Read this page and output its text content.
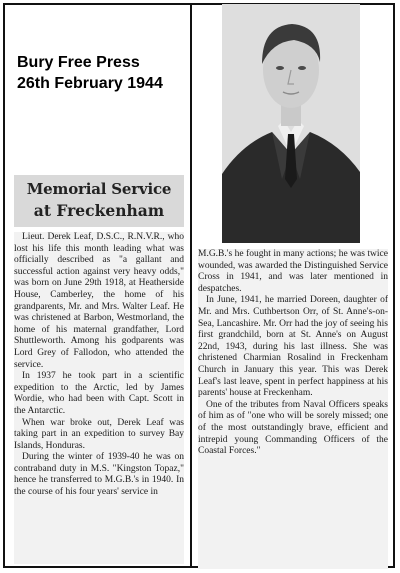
Bury Free Press
26th February 1944
Memorial Service
at Freckenham

Lieut. Derek Leaf, D.S.C., R.N.V.R., who lost his life this month leading what was officially described as "a gallant and successful action against very heavy odds," was born on June 29th 1918, at Heatherside House, Camberley, the home of his grandparents, Mr. and Mrs. Walter Leaf. He was christened at Barbon, Westmorland, the home of his maternal grandfather, Lord Shuttleworth. Among his godparents was Lord Grey of Fallodon, who attended the service.

In 1937 he took part in a scientific expedition to the Arctic, led by James Wordie, who had been with Capt. Scott in the Antarctic.

When war broke out, Derek Leaf was taking part in an expedition to survey Bay Islands, Honduras.

During the winter of 1939-40 he was on contraband duty in M.S. "Kingston Topaz," hence he transferred to M.G.B.'s in 1940. In the course of his four years' service in

M.G.B.'s he fought in many actions; he was twice wounded, was awarded the Distinguished Service Cross in 1941, and was later mentioned in despatches.

In June, 1941, he married Doreen, daughter of Mr. and Mrs. Cuthbertson Orr, of St. Anne's-on-Sea, Lancashire. Mr. Orr had the joy of seeing his first grandchild, born at St. Anne's on August 22nd, 1943, during his last illness. She was christened Charmian Rosalind in Freckenham Church in January this year. This was Derek Leaf's last leave, spent in perfect happiness at his parents' house at Freckenham.

One of the tributes from Naval Officers speaks of him as of "one who will be sorely missed; one of the most outstandingly brave, efficient and intrepid young Commanding Officers of the Coastal Forces."
